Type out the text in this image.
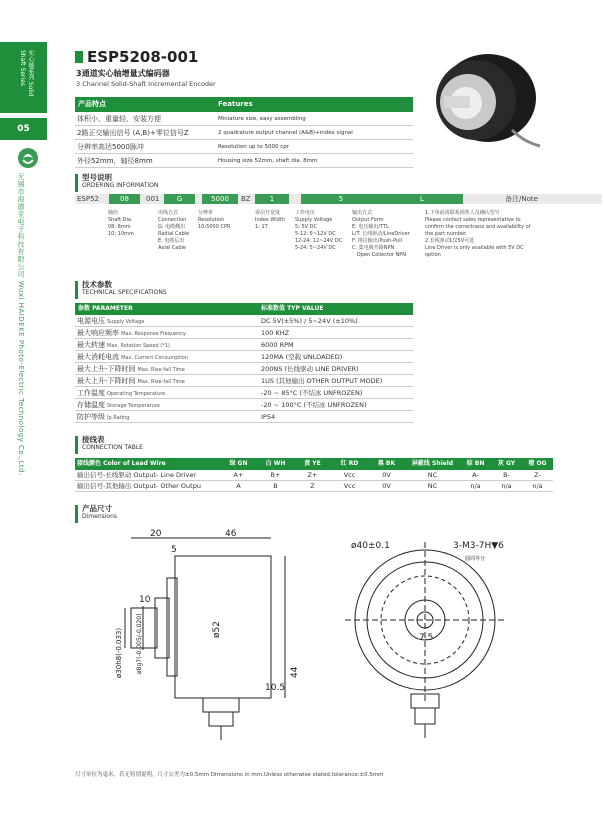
实心轴系列 Solid Shaft Series
05
无锡市海德克电子科技有限公司 Wuxi HAIDEKE Photo-Electric Technology Co.,Ltd.
ESP5208-001
3通道实心轴增量式编码器
3 Channel Solid-Shaft Incremental Encoder
产品特点	Features
体积小、重量轻、安装方便	Miniature size, easy assembling
2路正交输出信号 (A,B)+零位信号Z	2 quadrature output channel (A&B)+index signal
分辨率高达5000脉冲	Resolution up to 5000 cpr
外径52mm，轴径8mm	Housing size 52mm, shaft dia. 8mm
型号说明
ORDERING INFORMATION
ESP52	08	001	G	5000	BZ	1	5	L	备注/Note
轴径
Shaft Dia.
08: 8mm
10: 10mm
出线方式
Connection
G: 电缆侧出
Radial Cable
E: 电缆后出
Axial Cable
分辨率
Resolution
10-5000 CPR
零信号宽度
Index Width
1: 1T
工作电压
Supply Voltage
5: 5V DC
5-12: 5~12V DC
12-24: 12~24V DC
5-24: 5~24V DC
输出方式
Output Form
E: 电压输出/TTL
L/T: 长线驱动/LineDriver
F: 推拉输出/Push-Pull
C: 集电极开路NPN
Open Collector NPN
1.下单前请联系销售人员确认型号
Please contact sales representative to
confirm the correctness and availability of
the part number.
2.长线驱动L仅5V可选
Line Driver is only available with 5V DC
option
技术参数
TECHNICAL SPECIFICATIONS
参数 PARAMETER	标准数值 TYP VALUE
电源电压 Supply Voltage	DC 5V(±5%) / 5~24V (±10%)
最大响应频率 Max. Response Frequency	100 KHZ
最大转速 Max. Rotation Speed (*1)	6000 RPM
最大消耗电流 Max. Current Consumption	120MA (空载 UNLOADED)
最大上升-下降时间 Max. Rise-fall Time	200NS (长线驱动 LINE DRIVER)
最大上升-下降时间 Max. Rise-fall Time	1US (其他输出 OTHER OUTPUT MODE)
工作温度 Operating Temperature	-20 ~ 85°C (不结冰 UNFROZEN)
存储温度 Storage Temperature	-20 ~ 100°C (不结冰 UNFROZEN)
防护等级 Ip Rating	IP54
接线表
CONNECTION TABLE
接线颜色 Color of Lead Wire	绿 GN	白 WH	黄 YE	红 RD	黑 BK	屏蔽线 Shield	棕 BN	灰 GY	橙 OG
输出信号-长线驱动 Output- Line Driver	A+	B+	Z+	Vcc	0V	NC	A-	B-	Z-
输出信号-其他输出 Output- Other Outpu	A	B	Z	Vcc	0V	NC	n/a	n/a	n/a
产品尺寸
Dimensions
20	46
5
10
ø30h8(-0.033) ø8g7(-0.005/-0.020)	ø52
10.5
44
ø40±0.1	3-M3-7H▼6
圆周等分
7.5
尺寸单位为毫米，若无特别说明，尺寸公差为±0.5mm Dimensions in mm.Unless otherwise stated,tolerance:±0.5mm
